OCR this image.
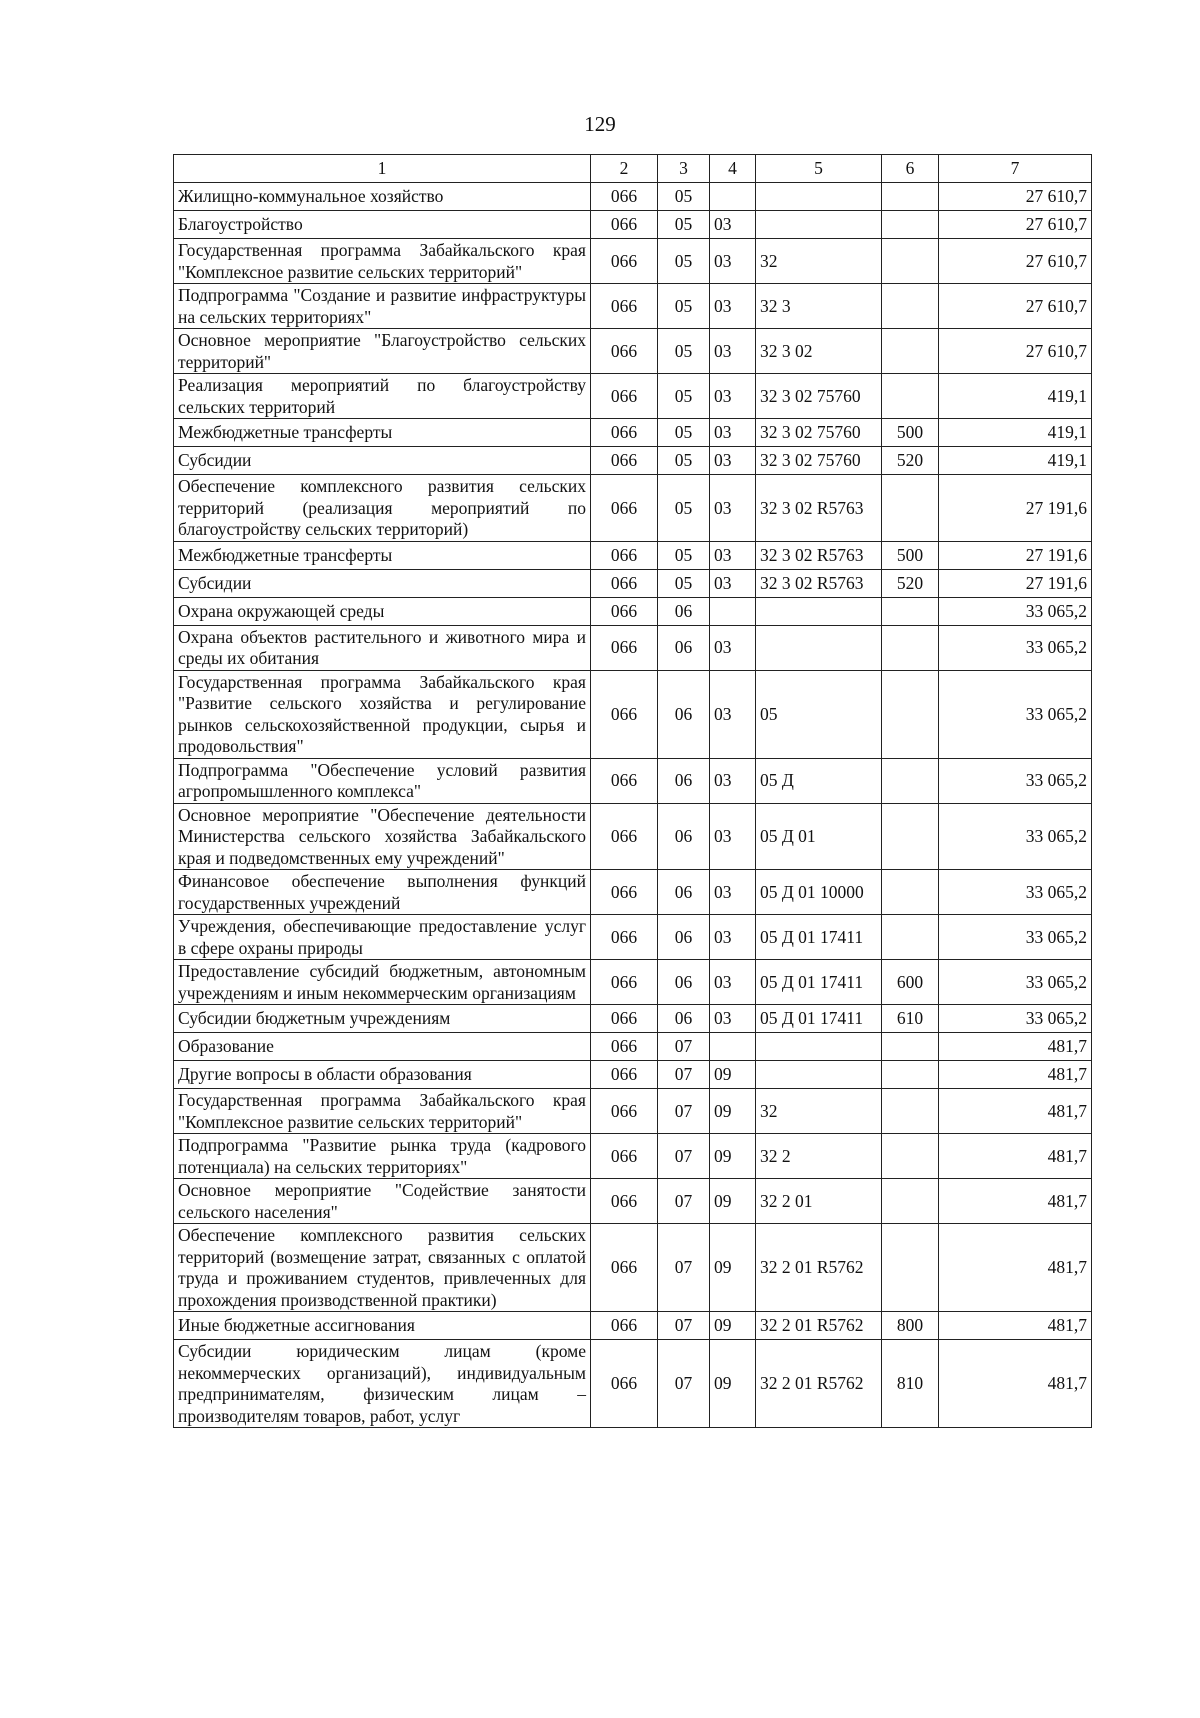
129
1	2	3	4	5	6	7
Жилищно-коммунальное хозяйство	066	05				27 610,7
Благоустройство	066	05	03			27 610,7
Государственная программа Забайкальского края "Комплексное развитие сельских территорий"	066	05	03	32		27 610,7
Подпрограмма "Создание и развитие инфраструктуры на сельских территориях"	066	05	03	32 3		27 610,7
Основное мероприятие "Благоустройство сельских территорий"	066	05	03	32 3 02		27 610,7
Реализация мероприятий по благоустройству сельских территорий	066	05	03	32 3 02 75760		419,1
Межбюджетные трансферты	066	05	03	32 3 02 75760	500	419,1
Субсидии	066	05	03	32 3 02 75760	520	419,1
Обеспечение комплексного развития сельских территорий (реализация мероприятий по благоустройству сельских территорий)	066	05	03	32 3 02 R5763		27 191,6
Межбюджетные трансферты	066	05	03	32 3 02 R5763	500	27 191,6
Субсидии	066	05	03	32 3 02 R5763	520	27 191,6
Охрана окружающей среды	066	06				33 065,2
Охрана объектов растительного и животного мира и среды их обитания	066	06	03			33 065,2
Государственная программа Забайкальского края "Развитие сельского хозяйства и регулирование рынков сельскохозяйственной продукции, сырья и продовольствия"	066	06	03	05		33 065,2
Подпрограмма "Обеспечение условий развития агропромышленного комплекса"	066	06	03	05 Д		33 065,2
Основное мероприятие "Обеспечение деятельности Министерства сельского хозяйства Забайкальского края и подведомственных ему учреждений"	066	06	03	05 Д 01		33 065,2
Финансовое обеспечение выполнения функций государственных учреждений	066	06	03	05 Д 01 10000		33 065,2
Учреждения, обеспечивающие предоставление услуг в сфере охраны природы	066	06	03	05 Д 01 17411		33 065,2
Предоставление субсидий бюджетным, автономным учреждениям и иным некоммерческим организациям	066	06	03	05 Д 01 17411	600	33 065,2
Субсидии бюджетным учреждениям	066	06	03	05 Д 01 17411	610	33 065,2
Образование	066	07				481,7
Другие вопросы в области образования	066	07	09			481,7
Государственная программа Забайкальского края "Комплексное развитие сельских территорий"	066	07	09	32		481,7
Подпрограмма "Развитие рынка труда (кадрового потенциала) на сельских территориях"	066	07	09	32 2		481,7
Основное мероприятие "Содействие занятости сельского населения"	066	07	09	32 2 01		481,7
Обеспечение комплексного развития сельских территорий (возмещение затрат, связанных с оплатой труда и проживанием студентов, привлеченных для прохождения производственной практики)	066	07	09	32 2 01 R5762		481,7
Иные бюджетные ассигнования	066	07	09	32 2 01 R5762	800	481,7
Субсидии юридическим лицам (кроме некоммерческих организаций), индивидуальным предпринимателям, физическим лицам – производителям товаров, работ, услуг	066	07	09	32 2 01 R5762	810	481,7
